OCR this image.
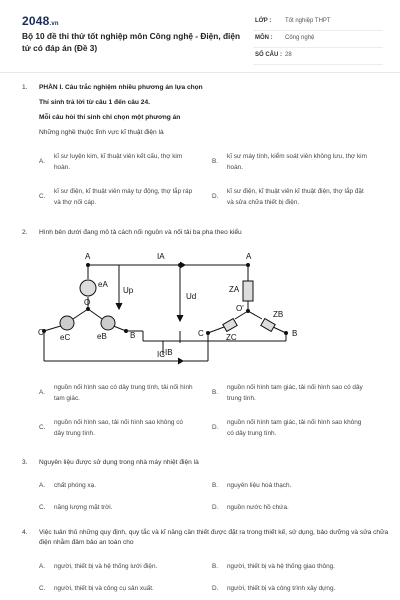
2048.vn
Bộ 10 đề thi thử tốt nghiệp môn Công nghệ - Điện, điện tử có đáp án (Đề 3)
LỚP : Tốt nghiệp THPT
MÔN : Công nghệ
SỐ CÂU : 28
1. PHẦN I. Câu trắc nghiệm nhiều phương án lựa chọn
Thí sinh trả lời từ câu 1 đến câu 24.
Mỗi câu hỏi thí sinh chỉ chọn một phương án
Những nghề thuộc lĩnh vực kĩ thuật điện là
A.
kĩ sư luyện kim, kĩ thuật viên kết cấu, thợ kim hoàn.
B.
kĩ sư máy tính, kiểm soát viên không lưu, thợ kim hoàn.
C.
kĩ sư điện, kĩ thuật viên máy tự động, thợ lắp ráp và thợ nối cáp.
D.
kĩ sư điện, kĩ thuật viên kĩ thuật điện, thợ lắp đặt và sửa chữa thiết bị điện.
2. Hình bên dưới đang mô tả cách nối nguồn và nối tải ba pha theo kiểu
A	A
IA
eA
Up
Ud
O
ZA
O'
ZB
C
eC	eB	B
IB
C	ZC	B
IC
A.
nguồn nối hình sao có dây trung tính, tải nối hình tam giác.
B.
nguồn nối hình tam giác, tải nối hình sao có dây trung tính.
C.
nguồn nối hình sao, tải nối hình sao không có dây trung tính.
D.
nguồn nối hình tam giác, tải nối hình sao không có dây trung tính.
3. Nguyên liệu được sử dụng trong nhà máy nhiệt điện là
A. chất phóng xạ.	B. nguyên liệu hoá thạch.
C. năng lượng mặt trời.	D. nguồn nước hồ chứa.
4. Việc tuân thủ những quy định, quy tắc và kĩ năng cần thiết được đặt ra trong thiết kế, sử dụng, bảo dưỡng và sửa chữa điện nhằm đảm bảo an toàn cho
A. người, thiết bị và hệ thống lưới điện.	B. người, thiết bị và hệ thống giao thông.
C. người, thiết bị và công cụ sản xuất.	D. người, thiết bị và công trình xây dựng.
